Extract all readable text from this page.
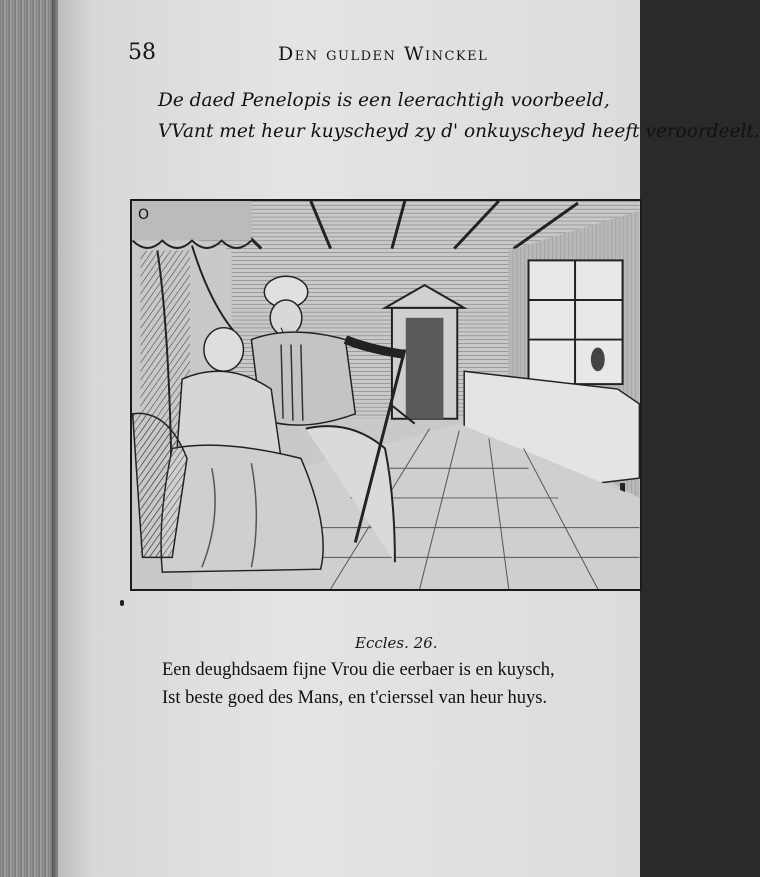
58	Den gulden Winckel
De daed Penelopis is een leerachtigh voorbeeld,
VVant met heur kuyscheyd zy d' onkuyscheyd heeft veroordeelt.
O
Eccles. 26.
Een deughdsaem fijne Vrou die eerbaer is en kuysch,
Ist beste goed des Mans, en t'cierssel van heur huys.
